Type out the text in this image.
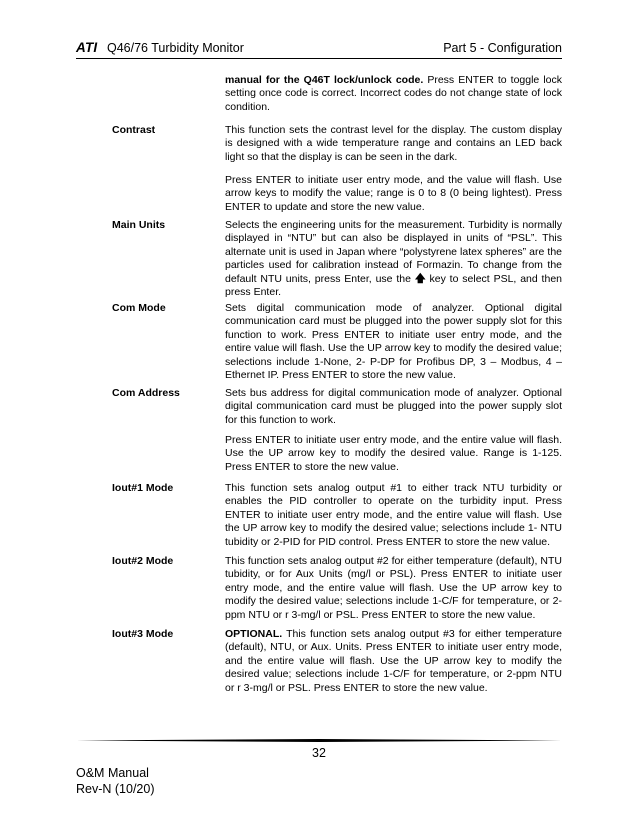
ATI Q46/76 Turbidity Monitor	Part 5 - Configuration

manual for the Q46T lock/unlock code. Press ENTER to toggle lock setting once code is correct. Incorrect codes do not change state of lock condition.

Contrast	This function sets the contrast level for the display. The custom display is designed with a wide temperature range and contains an LED back light so that the display is can be seen in the dark.

Press ENTER to initiate user entry mode, and the value will flash. Use arrow keys to modify the value; range is 0 to 8 (0 being lightest). Press ENTER to update and store the new value.

Main Units	Selects the engineering units for the measurement. Turbidity is normally displayed in “NTU” but can also be displayed in units of “PSL”. This alternate unit is used in Japan where “polystyrene latex spheres” are the particles used for calibration instead of Formazin. To change from the default NTU units, press Enter, use the 🡅 key to select PSL, and then press Enter.

Com Mode	Sets digital communication mode of analyzer. Optional digital communication card must be plugged into the power supply slot for this function to work. Press ENTER to initiate user entry mode, and the entire value will flash. Use the UP arrow key to modify the desired value; selections include 1-None, 2- P-DP for Profibus DP, 3 – Modbus, 4 – Ethernet IP. Press ENTER to store the new value.

Com Address	Sets bus address for digital communication mode of analyzer. Optional digital communication card must be plugged into the power supply slot for this function to work.

Press ENTER to initiate user entry mode, and the entire value will flash. Use the UP arrow key to modify the desired value. Range is 1-125. Press ENTER to store the new value.

Iout#1 Mode	This function sets analog output #1 to either track NTU turbidity or enables the PID controller to operate on the turbidity input. Press ENTER to initiate user entry mode, and the entire value will flash. Use the UP arrow key to modify the desired value; selections include 1- NTU tubidity or 2-PID for PID control. Press ENTER to store the new value.

Iout#2 Mode	This function sets analog output #2 for either temperature (default), NTU tubidity, or for Aux Units (mg/l or PSL). Press ENTER to initiate user entry mode, and the entire value will flash. Use the UP arrow key to modify the desired value; selections include 1-C/F for temperature, or 2-ppm NTU or r 3-mg/l or PSL. Press ENTER to store the new value.

Iout#3 Mode	OPTIONAL. This function sets analog output #3 for either temperature (default), NTU, or Aux. Units. Press ENTER to initiate user entry mode, and the entire value will flash. Use the UP arrow key to modify the desired value; selections include 1-C/F for temperature, or 2-ppm NTU or r 3-mg/l or PSL. Press ENTER to store the new value.

32
O&M Manual
Rev-N (10/20)
